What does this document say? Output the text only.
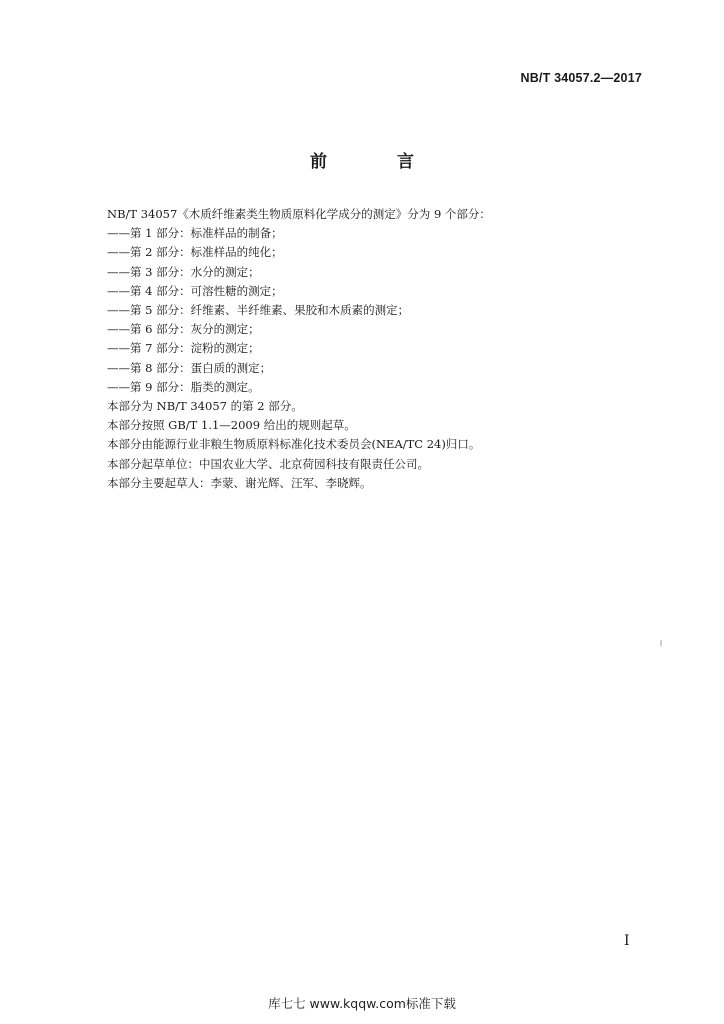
NB/T 34057.2—2017
前 言
NB/T 34057《木质纤维素类生物质原料化学成分的测定》分为 9 个部分：
——第 1 部分：标准样品的制备；
——第 2 部分：标准样品的纯化；
——第 3 部分：水分的测定；
——第 4 部分：可溶性糖的测定；
——第 5 部分：纤维素、半纤维素、果胶和木质素的测定；
——第 6 部分：灰分的测定；
——第 7 部分：淀粉的测定；
——第 8 部分：蛋白质的测定；
——第 9 部分：脂类的测定。
本部分为 NB/T 34057 的第 2 部分。
本部分按照 GB/T 1.1—2009 给出的规则起草。
本部分由能源行业非粮生物质原料标准化技术委员会(NEA/TC 24)归口。
本部分起草单位：中国农业大学、北京荷园科技有限责任公司。
本部分主要起草人：李蒙、谢光辉、汪军、李晓辉。
I
库七七 www.kqqw.com标准下载
